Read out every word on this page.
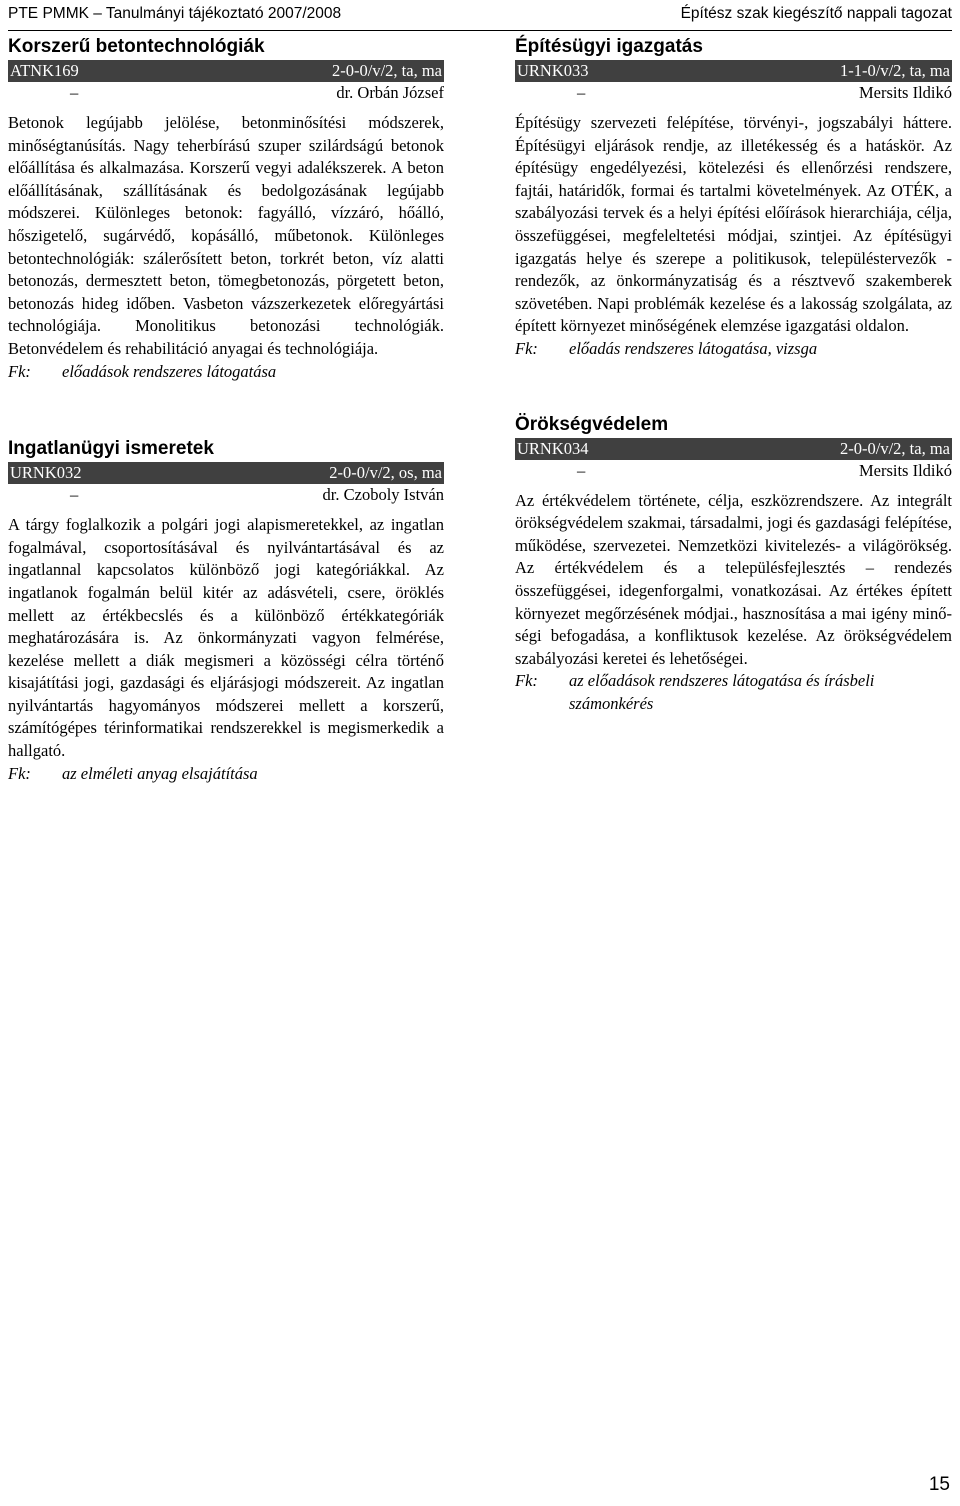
PTE PMMK – Tanulmányi tájékoztató 2007/2008	Építész szak kiegészítő nappali tagozat
Korszerű betontechnológiák
ATNK169	2-0-0/v/2, ta, ma
–	dr. Orbán József

Betonok legújabb jelölése, betonminősítési módszerek, minőségtanúsítás. Nagy teherbírású szuper szilárdságú betonok előállítása és alkalmazása. Korszerű vegyi adalékszerek. A beton előállításának, szállításának és bedolgozásának legújabb módszerei. Különleges betonok: fagyálló, vízzáró, hőálló, hőszigetelő, sugárvédő, kopásálló, műbetonok. Különleges betontechnológiák: szálerősített beton, torkrét beton, víz alatti betonozás, dermesztett beton, tömegbetonozás, pörgetett beton, betonozás hideg időben. Vasbeton vázszerkezetek előregyártási technológiája. Monolitikus betonozási technológiák. Betonvédelem és rehabilitáció anyagai és technológiája.

Fk:	előadások rendszeres látogatása
Ingatlanügyi ismeretek
URNK032	2-0-0/v/2, os, ma
–	dr. Czoboly István

A tárgy foglalkozik a polgári jogi alapismeretekkel, az ingatlan fogalmával, csoportosításával és nyilvántartásával és az ingatlannal kapcsolatos különböző jogi kategóriákkal. Az ingatlanok fogalmán belül kitér az adásvételi, csere, öröklés mellett az értékbecslés és a különböző értékkategóriák meghatározására is. Az önkormányzati vagyon felmérése, kezelése mellett a diák megismeri a közösségi célra történő kisajátítási jogi, gazdasági és eljárásjogi módszereit. Az ingatlan nyilvántartás hagyományos módszerei mellett a korszerű, számítógépes térinformatikai rendszerekkel is megismerkedik a hallgató.

Fk:	az elméleti anyag elsajátítása
Építésügyi igazgatás
URNK033	1-1-0/v/2, ta, ma
–	Mersits Ildikó

Építésügy szervezeti felépítése, törvényi-, jogszabályi háttere. Építésügyi eljárások rendje, az illetékesség és a hatáskör. Az építésügy engedélyezési, kötelezési és ellenőrzési rendszere, fajtái, határidők, formai és tartalmi követelmények. Az OTÉK, a szabályozási tervek és a helyi építési előírások hierarchiája, célja, összefüggései, megfeleltetési módjai, szintjei. Az építésügyi igazgatás helye és szerepe a politikusok, településtervezők - rendezők, az önkormányzatiság és a résztvevő szakemberek szövetében. Napi problémák kezelése és a lakosság szolgálata, az épített környezet minőségének elemzése igazgatási oldalon.

Fk:	előadás rendszeres látogatása, vizsga
Örökségvédelem
URNK034	2-0-0/v/2, ta, ma
–	Mersits Ildikó

Az értékvédelem története, célja, eszközrendszere. Az integrált örökségvédelem szakmai, társadalmi, jogi és gazdasági felépítése, működése, szervezetei. Nemzetközi kivitelezés- a világörökség. Az értékvédelem és a településfejlesztés – rendezés összefüggései, idegenforgalmi, vonatkozásai. Az értékes épített környezet megőrzésének módjai., hasznosítása a mai igény minőségi befogadása, a konfliktusok kezelése. Az örökségvédelem szabályozási keretei és lehetőségei.

Fk:	az előadások rendszeres látogatása és írásbeli számonkérés
15
